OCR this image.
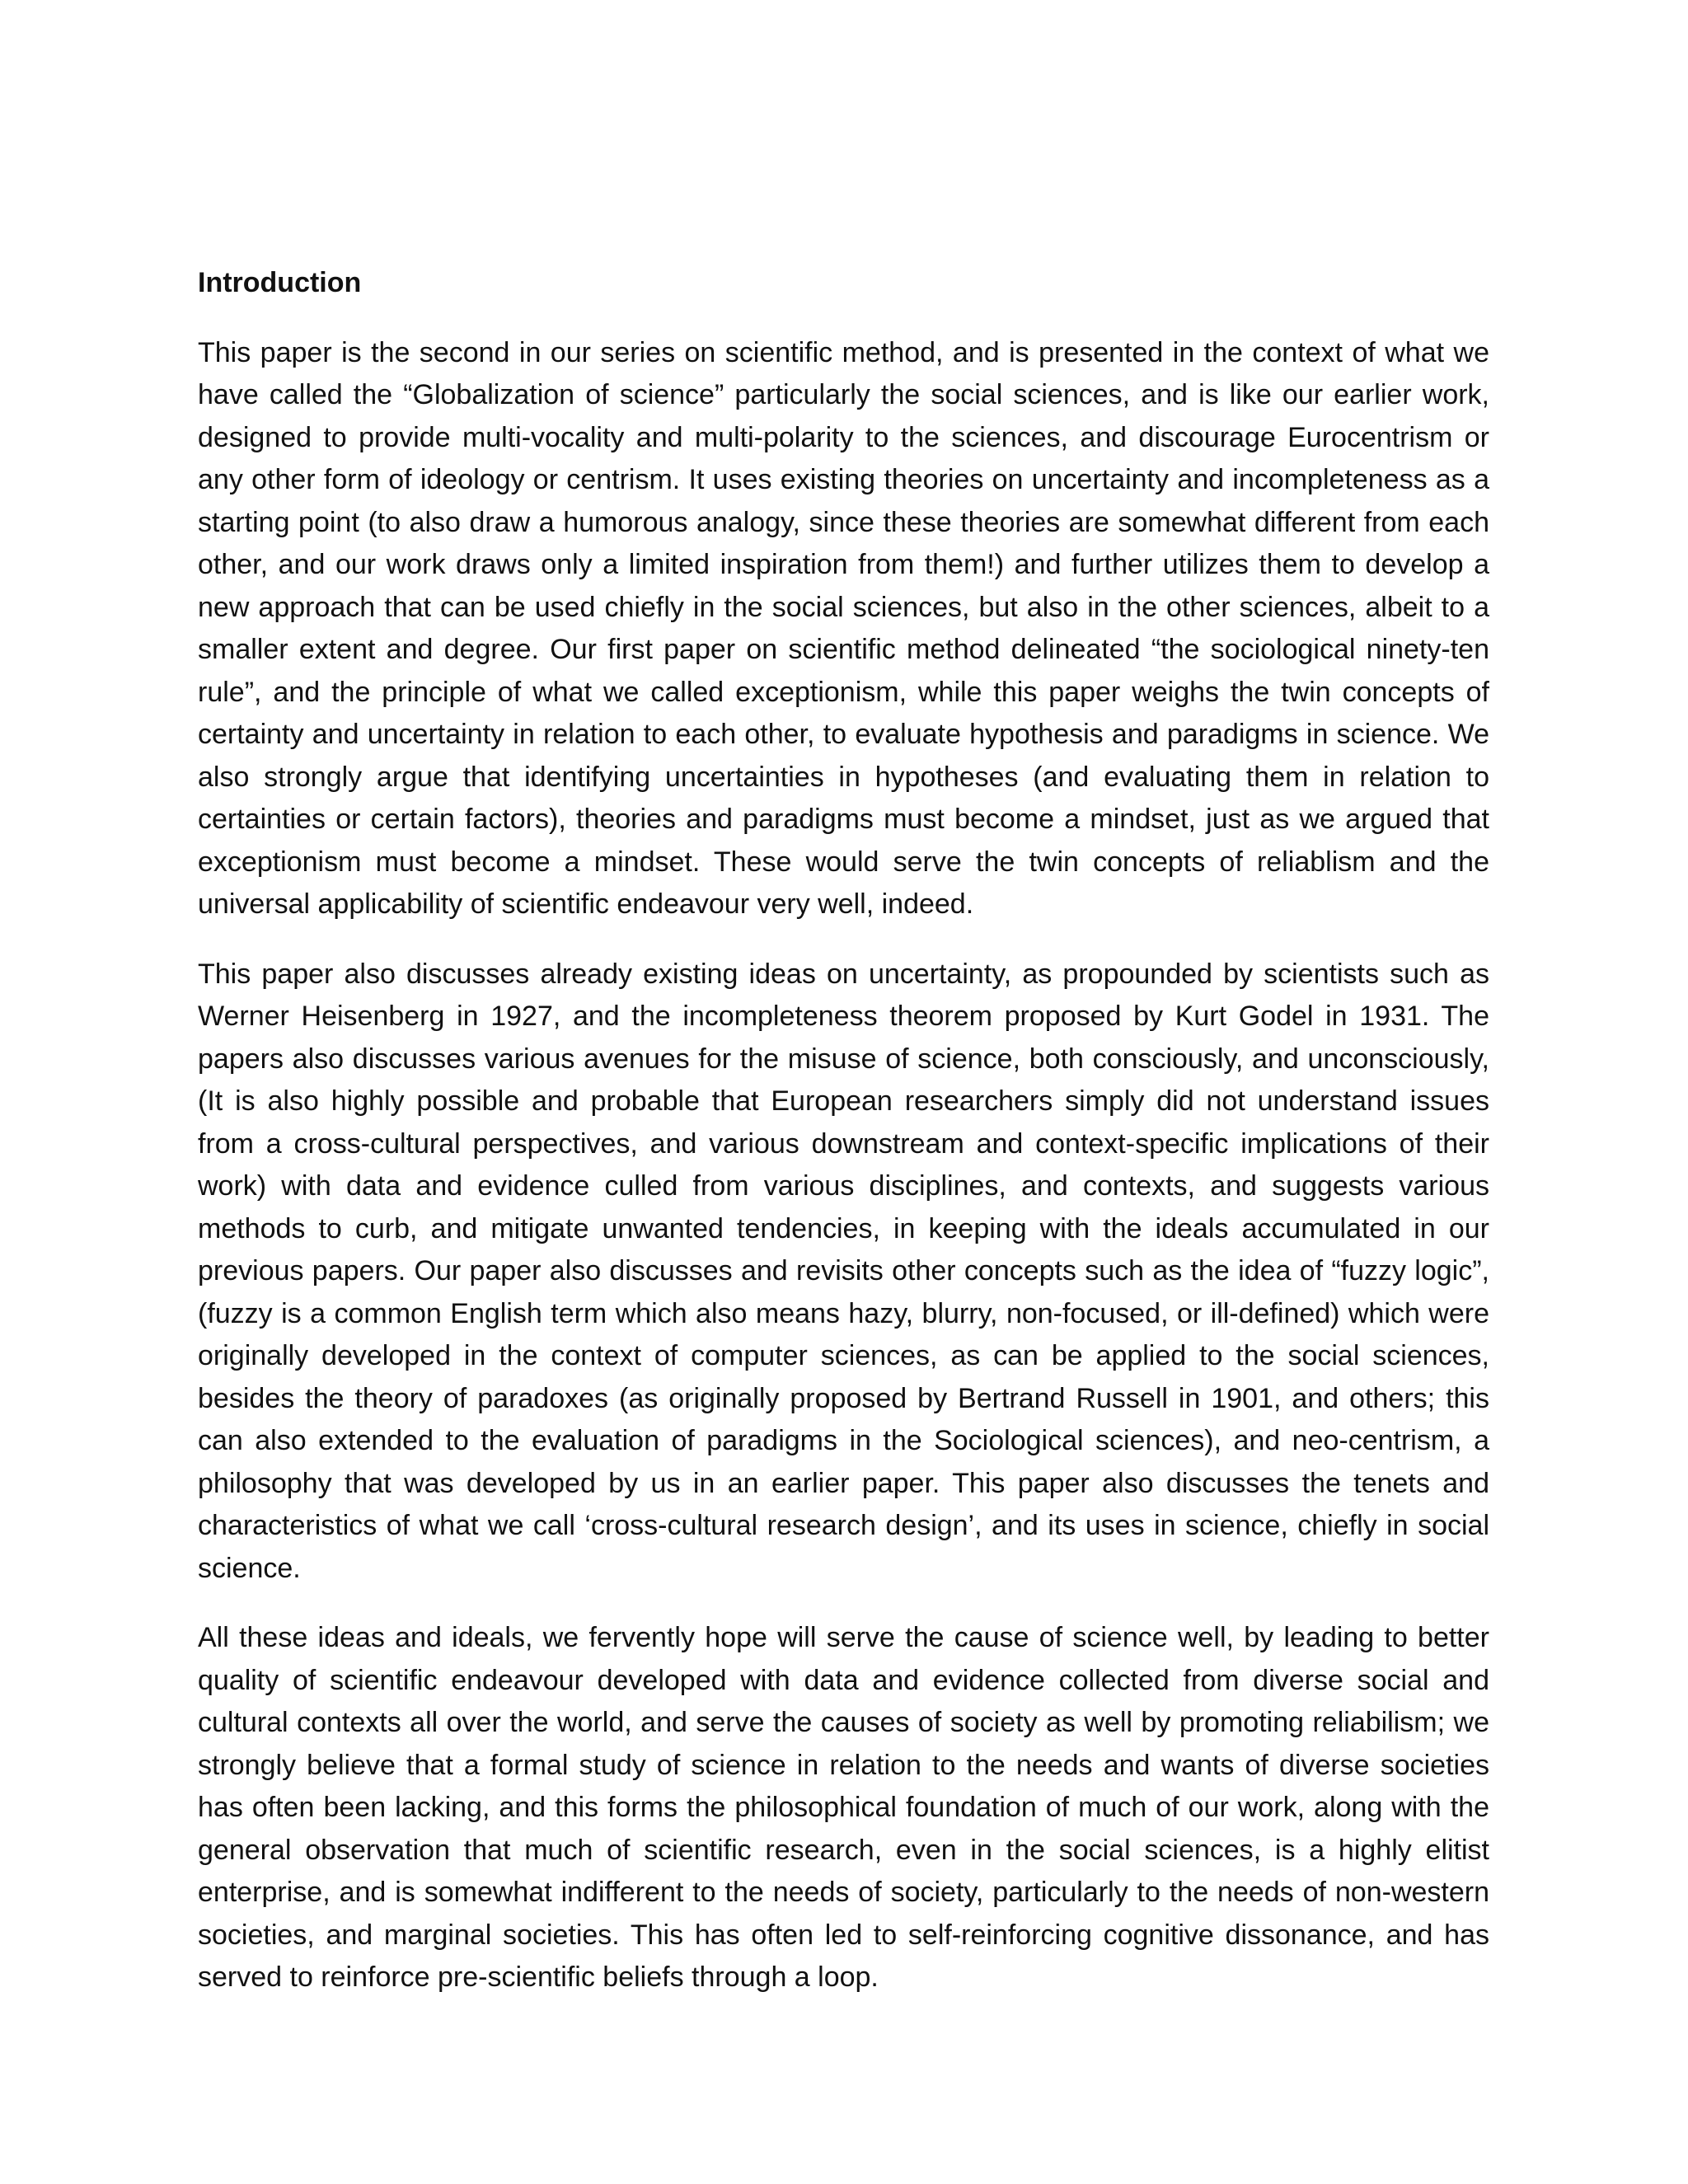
Introduction

This paper is the second in our series on scientific method, and is presented in the context of what we have called the “Globalization of science” particularly the social sciences, and is like our earlier work, designed to provide multi-vocality and multi-polarity to the sciences, and discourage Eurocentrism or any other form of ideology or centrism. It uses existing theories on uncertainty and incompleteness as a starting point (to also draw a humorous analogy, since these theories are somewhat different from each other, and our work draws only a limited inspiration from them!) and further utilizes them to develop a new approach that can be used chiefly in the social sciences, but also in the other sciences, albeit to a smaller extent and degree. Our first paper on scientific method delineated “the sociological ninety-ten rule”, and the principle of what we called exceptionism, while this paper weighs the twin concepts of certainty and uncertainty in relation to each other, to evaluate hypothesis and paradigms in science. We also strongly argue that identifying uncertainties in hypotheses (and evaluating them in relation to certainties or certain factors), theories and paradigms must become a mindset, just as we argued that exceptionism must become a mindset. These would serve the twin concepts of reliablism and the universal applicability of scientific endeavour very well, indeed.

This paper also discusses already existing ideas on uncertainty, as propounded by scientists such as Werner Heisenberg in 1927, and the incompleteness theorem proposed by Kurt Godel in 1931. The papers also discusses various avenues for the misuse of science, both consciously, and unconsciously, (It is also highly possible and probable that European researchers simply did not understand issues from a cross-cultural perspectives, and various downstream and context-specific implications of their work) with data and evidence culled from various disciplines, and contexts, and suggests various methods to curb, and mitigate unwanted tendencies, in keeping with the ideals accumulated in our previous papers. Our paper also discusses and revisits other concepts such as the idea of “fuzzy logic”, (fuzzy is a common English term which also means hazy, blurry, non-focused, or ill-defined) which were originally developed in the context of computer sciences, as can be applied to the social sciences, besides the theory of paradoxes (as originally proposed by Bertrand Russell in 1901, and others; this can also extended to the evaluation of paradigms in the Sociological sciences), and neo-centrism, a philosophy that was developed by us in an earlier paper. This paper also discusses the tenets and characteristics of what we call ‘cross-cultural research design’, and its uses in science, chiefly in social science.

All these ideas and ideals, we fervently hope will serve the cause of science well, by leading to better quality of scientific endeavour developed with data and evidence collected from diverse social and cultural contexts all over the world, and serve the causes of society as well by promoting reliabilism; we strongly believe that a formal study of science in relation to the needs and wants of diverse societies has often been lacking, and this forms the philosophical foundation of much of our work, along with the general observation that much of scientific research, even in the social sciences, is a highly elitist enterprise, and is somewhat indifferent to the needs of society, particularly to the needs of non-western societies, and marginal societies. This has often led to self-reinforcing cognitive dissonance, and has served to reinforce pre-scientific beliefs through a loop.
